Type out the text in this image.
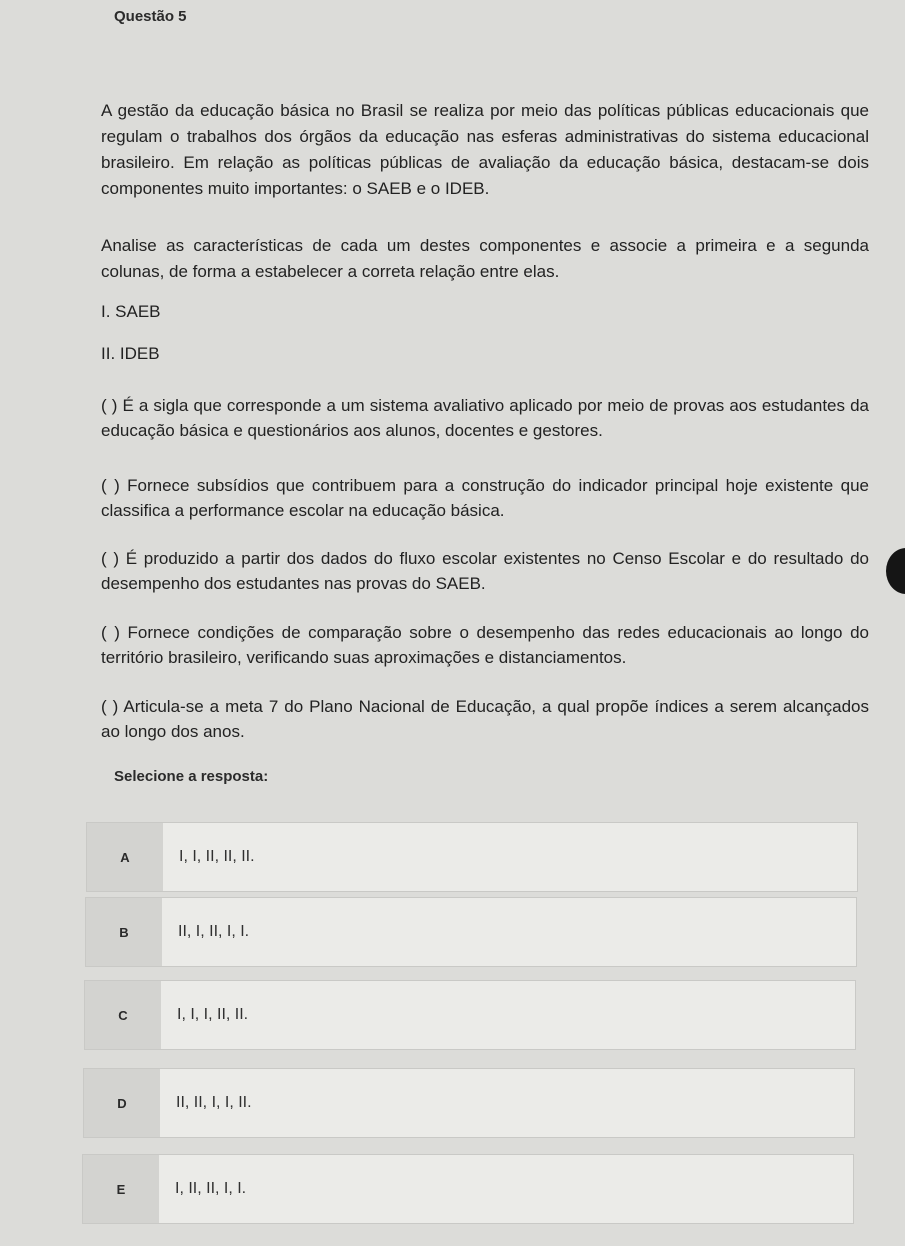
Questão 5
A gestão da educação básica no Brasil se realiza por meio das políticas públicas educacionais que regulam o trabalhos dos órgãos da educação nas esferas administrativas do sistema educacional brasileiro. Em relação as políticas públicas de avaliação da educação básica, destacam-se dois componentes muito importantes: o SAEB e o IDEB.
Analise as características de cada um destes componentes e associe a primeira e a segunda colunas, de forma a estabelecer a correta relação entre elas.
I. SAEB
II. IDEB
( ) É a sigla que corresponde a um sistema avaliativo aplicado por meio de provas aos estudantes da educação básica e questionários aos alunos, docentes e gestores.
( ) Fornece subsídios que contribuem para a construção do indicador principal hoje existente que classifica a performance escolar na educação básica.
( ) É produzido a partir dos dados do fluxo escolar existentes no Censo Escolar e do resultado do desempenho dos estudantes nas provas do SAEB.
( ) Fornece condições de comparação sobre o desempenho das redes educacionais ao longo do território brasileiro, verificando suas aproximações e distanciamentos.
( ) Articula-se a meta 7 do Plano Nacional de Educação, a qual propõe índices a serem alcançados ao longo dos anos.
Selecione a resposta:
A	I, I, II, II, II.
B	II, I, II, I, I.
C	I, I, I, II, II.
D	II, II, I, I, II.
E	I, II, II, I, I.
